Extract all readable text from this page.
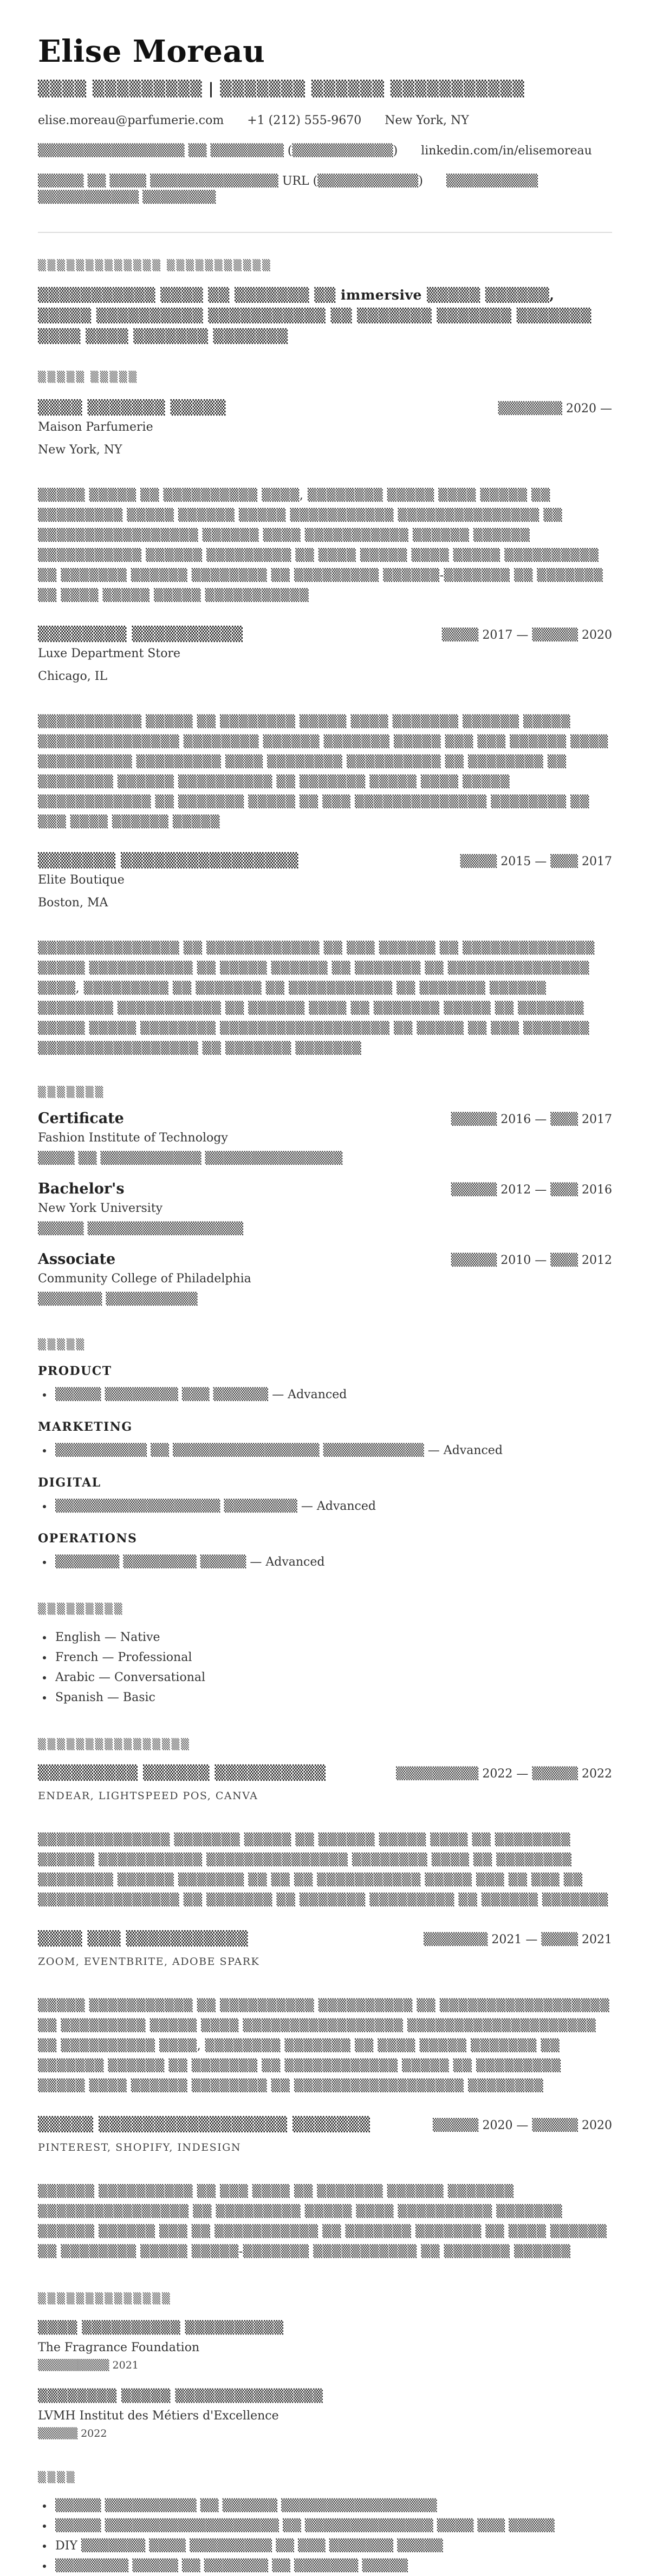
Elise Moreau
▒▒▒▒ ▒▒▒▒▒▒▒▒▒ | ▒▒▒▒▒▒▒ ▒▒▒▒▒▒ ▒▒▒▒▒▒▒▒▒▒▒
elise.moreau@parfumerie.com +1 (212) 555-9670 New York, NY
▒▒▒▒▒▒▒▒▒▒▒▒▒▒▒▒ ▒▒ ▒▒▒▒▒▒▒▒ (▒▒▒▒▒▒▒▒▒▒▒) linkedin.com/in/elisemoreau
▒▒▒▒▒ ▒▒ ▒▒▒▒ ▒▒▒▒▒▒▒▒▒▒▒▒▒▒ URL (▒▒▒▒▒▒▒▒▒▒▒) ▒▒▒▒▒▒▒▒▒▒ ▒▒▒▒▒▒▒▒▒▒▒ ▒▒▒▒▒▒▒▒
▒▒▒▒▒▒▒▒▒▒▒▒▒ ▒▒▒▒▒▒▒▒▒▒▒
▒▒▒▒▒▒▒▒▒▒▒ ▒▒▒▒ ▒▒ ▒▒▒▒▒▒▒ ▒▒ immersive ▒▒▒▒▒ ▒▒▒▒▒▒, ▒▒▒▒▒ ▒▒▒▒▒▒▒▒▒▒ ▒▒▒▒▒▒▒▒▒▒▒ ▒▒ ▒▒▒▒▒▒▒ ▒▒▒▒▒▒▒ ▒▒▒▒▒▒▒ ▒▒▒▒ ▒▒▒▒ ▒▒▒▒▒▒▒ ▒▒▒▒▒▒▒
▒▒▒▒▒ ▒▒▒▒▒
▒▒▒▒ ▒▒▒▒▒▒▒ ▒▒▒▒▒	▒▒▒▒▒▒▒ 2020 —
Maison Parfumerie
New York, NY
▒▒▒▒▒ ▒▒▒▒▒ ▒▒ ▒▒▒▒▒▒▒▒▒▒ ▒▒▒▒, ▒▒▒▒▒▒▒▒ ▒▒▒▒▒ ▒▒▒▒ ▒▒▒▒▒ ▒▒ ▒▒▒▒▒▒▒▒▒ ▒▒▒▒▒ ▒▒▒▒▒▒ ▒▒▒▒▒ ▒▒▒▒▒▒▒▒▒▒▒ ▒▒▒▒▒▒▒▒▒▒▒▒▒▒▒ ▒▒ ▒▒▒▒▒▒▒▒▒▒▒▒▒▒▒▒▒ ▒▒▒▒▒▒ ▒▒▒▒ ▒▒▒▒▒▒▒▒▒▒▒ ▒▒▒▒▒▒ ▒▒▒▒▒▒ ▒▒▒▒▒▒▒▒▒▒▒ ▒▒▒▒▒▒ ▒▒▒▒▒▒▒▒▒ ▒▒ ▒▒▒▒ ▒▒▒▒▒ ▒▒▒▒ ▒▒▒▒▒ ▒▒▒▒▒▒▒▒▒▒ ▒▒ ▒▒▒▒▒▒▒ ▒▒▒▒▒▒ ▒▒▒▒▒▒▒▒ ▒▒ ▒▒▒▒▒▒▒▒▒ ▒▒▒▒▒▒-▒▒▒▒▒▒▒ ▒▒ ▒▒▒▒▒▒▒ ▒▒ ▒▒▒▒ ▒▒▒▒▒ ▒▒▒▒▒ ▒▒▒▒▒▒▒▒▒▒▒
▒▒▒▒▒▒▒▒ ▒▒▒▒▒▒▒▒▒▒	▒▒▒▒ 2017 — ▒▒▒▒▒ 2020
Luxe Department Store
Chicago, IL
▒▒▒▒▒▒▒▒▒▒▒ ▒▒▒▒▒ ▒▒ ▒▒▒▒▒▒▒▒ ▒▒▒▒▒ ▒▒▒▒ ▒▒▒▒▒▒▒ ▒▒▒▒▒▒ ▒▒▒▒▒ ▒▒▒▒▒▒▒▒▒▒▒▒▒▒▒ ▒▒▒▒▒▒▒▒ ▒▒▒▒▒▒ ▒▒▒▒▒▒▒ ▒▒▒▒▒ ▒▒▒ ▒▒▒ ▒▒▒▒▒▒ ▒▒▒▒ ▒▒▒▒▒▒▒▒▒▒ ▒▒▒▒▒▒▒▒▒ ▒▒▒▒ ▒▒▒▒▒▒▒▒ ▒▒▒▒▒▒▒▒▒▒ ▒▒ ▒▒▒▒▒▒▒▒ ▒▒ ▒▒▒▒▒▒▒▒ ▒▒▒▒▒▒ ▒▒▒▒▒▒▒▒▒▒ ▒▒ ▒▒▒▒▒▒▒ ▒▒▒▒▒ ▒▒▒▒ ▒▒▒▒▒ ▒▒▒▒▒▒▒▒▒▒▒▒ ▒▒ ▒▒▒▒▒▒▒ ▒▒▒▒▒ ▒▒ ▒▒▒ ▒▒▒▒▒▒▒▒▒▒▒▒▒▒ ▒▒▒▒▒▒▒▒ ▒▒ ▒▒▒ ▒▒▒▒ ▒▒▒▒▒▒ ▒▒▒▒▒
▒▒▒▒▒▒▒ ▒▒▒▒▒▒▒▒▒▒▒▒▒▒▒▒	▒▒▒▒ 2015 — ▒▒▒ 2017
Elite Boutique
Boston, MA
▒▒▒▒▒▒▒▒▒▒▒▒▒▒▒ ▒▒ ▒▒▒▒▒▒▒▒▒▒▒▒ ▒▒ ▒▒▒ ▒▒▒▒▒▒ ▒▒ ▒▒▒▒▒▒▒▒▒▒▒▒▒▒ ▒▒▒▒▒ ▒▒▒▒▒▒▒▒▒▒▒ ▒▒ ▒▒▒▒▒ ▒▒▒▒▒▒ ▒▒ ▒▒▒▒▒▒▒ ▒▒ ▒▒▒▒▒▒▒▒▒▒▒▒▒▒▒ ▒▒▒▒, ▒▒▒▒▒▒▒▒▒ ▒▒ ▒▒▒▒▒▒▒ ▒▒ ▒▒▒▒▒▒▒▒▒▒▒ ▒▒ ▒▒▒▒▒▒▒ ▒▒▒▒▒▒ ▒▒▒▒▒▒▒▒ ▒▒▒▒▒▒▒▒▒▒▒ ▒▒ ▒▒▒▒▒▒ ▒▒▒▒ ▒▒ ▒▒▒▒▒▒▒ ▒▒▒▒▒ ▒▒ ▒▒▒▒▒▒▒ ▒▒▒▒▒ ▒▒▒▒▒ ▒▒▒▒▒▒▒▒ ▒▒▒▒▒▒▒▒▒▒▒▒▒▒▒▒▒▒ ▒▒ ▒▒▒▒▒ ▒▒ ▒▒▒ ▒▒▒▒▒▒▒ ▒▒▒▒▒▒▒▒▒▒▒▒▒▒▒▒▒ ▒▒ ▒▒▒▒▒▒▒ ▒▒▒▒▒▒▒
▒▒▒▒▒▒▒
Certificate	▒▒▒▒▒ 2016 — ▒▒▒ 2017
Fashion Institute of Technology
▒▒▒▒ ▒▒ ▒▒▒▒▒▒▒▒▒▒▒ ▒▒▒▒▒▒▒▒▒▒▒▒▒▒▒
Bachelor's	▒▒▒▒▒ 2012 — ▒▒▒ 2016
New York University
▒▒▒▒▒ ▒▒▒▒▒▒▒▒▒▒▒▒▒▒▒▒▒
Associate	▒▒▒▒▒ 2010 — ▒▒▒ 2012
Community College of Philadelphia
▒▒▒▒▒▒▒ ▒▒▒▒▒▒▒▒▒▒
▒▒▒▒▒
PRODUCT
• ▒▒▒▒▒ ▒▒▒▒▒▒▒▒ ▒▒▒ ▒▒▒▒▒▒ — Advanced
MARKETING
• ▒▒▒▒▒▒▒▒▒▒ ▒▒ ▒▒▒▒▒▒▒▒▒▒▒▒▒▒▒▒ ▒▒▒▒▒▒▒▒▒▒▒ — Advanced
DIGITAL
• ▒▒▒▒▒▒▒▒▒▒▒▒▒▒▒▒▒▒ ▒▒▒▒▒▒▒▒ — Advanced
OPERATIONS
• ▒▒▒▒▒▒▒ ▒▒▒▒▒▒▒▒ ▒▒▒▒▒ — Advanced
▒▒▒▒▒▒▒▒▒
• English — Native
• French — Professional
• Arabic — Conversational
• Spanish — Basic
▒▒▒▒▒▒▒▒▒▒▒▒▒▒▒▒
▒▒▒▒▒▒▒▒▒ ▒▒▒▒▒▒ ▒▒▒▒▒▒▒▒▒▒	▒▒▒▒▒▒▒▒▒ 2022 — ▒▒▒▒▒ 2022
ENDEAR, LIGHTSPEED POS, CANVA
▒▒▒▒▒▒▒▒▒▒▒▒▒▒ ▒▒▒▒▒▒▒ ▒▒▒▒▒ ▒▒ ▒▒▒▒▒▒ ▒▒▒▒▒ ▒▒▒▒ ▒▒ ▒▒▒▒▒▒▒▒ ▒▒▒▒▒▒ ▒▒▒▒▒▒▒▒▒▒▒ ▒▒▒▒▒▒▒▒▒▒▒▒▒▒▒ ▒▒▒▒▒▒▒▒ ▒▒▒▒ ▒▒ ▒▒▒▒▒▒▒▒ ▒▒▒▒▒▒▒▒ ▒▒▒▒▒▒ ▒▒▒▒▒▒▒ ▒▒ ▒▒ ▒▒ ▒▒▒▒▒▒▒▒▒▒▒ ▒▒▒▒▒ ▒▒▒ ▒▒ ▒▒▒ ▒▒ ▒▒▒▒▒▒▒▒▒▒▒▒▒▒▒ ▒▒ ▒▒▒▒▒▒▒ ▒▒ ▒▒▒▒▒▒▒ ▒▒▒▒▒▒▒▒▒ ▒▒ ▒▒▒▒▒▒ ▒▒▒▒▒▒▒
▒▒▒▒ ▒▒▒ ▒▒▒▒▒▒▒▒▒▒▒	▒▒▒▒▒▒▒ 2021 — ▒▒▒▒ 2021
ZOOM, EVENTBRITE, ADOBE SPARK
▒▒▒▒▒ ▒▒▒▒▒▒▒▒▒▒▒ ▒▒ ▒▒▒▒▒▒▒▒▒▒ ▒▒▒▒▒▒▒▒▒▒ ▒▒ ▒▒▒▒▒▒▒▒▒▒▒▒▒▒▒▒▒▒ ▒▒ ▒▒▒▒▒▒▒▒▒ ▒▒▒▒▒ ▒▒▒▒ ▒▒▒▒▒▒▒▒▒▒▒▒▒▒▒▒▒ ▒▒▒▒▒▒▒▒▒▒▒▒▒▒▒▒▒▒▒▒ ▒▒ ▒▒▒▒▒▒▒▒▒▒ ▒▒▒▒, ▒▒▒▒▒▒▒▒ ▒▒▒▒▒▒▒ ▒▒ ▒▒▒▒ ▒▒▒▒▒ ▒▒▒▒▒▒▒ ▒▒ ▒▒▒▒▒▒▒ ▒▒▒▒▒▒ ▒▒ ▒▒▒▒▒▒▒ ▒▒ ▒▒▒▒▒▒▒▒▒▒▒▒ ▒▒▒▒▒ ▒▒ ▒▒▒▒▒▒▒▒▒ ▒▒▒▒▒ ▒▒▒▒ ▒▒▒▒▒▒ ▒▒▒▒▒▒▒▒ ▒▒ ▒▒▒▒▒▒▒▒▒▒▒▒▒▒▒▒▒▒ ▒▒▒▒▒▒▒▒
▒▒▒▒▒ ▒▒▒▒▒▒▒▒▒▒▒▒▒▒▒▒▒ ▒▒▒▒▒▒▒	▒▒▒▒▒ 2020 — ▒▒▒▒▒ 2020
PINTEREST, SHOPIFY, INDESIGN
▒▒▒▒▒▒ ▒▒▒▒▒▒▒▒▒▒ ▒▒ ▒▒▒ ▒▒▒▒ ▒▒ ▒▒▒▒▒▒▒ ▒▒▒▒▒▒ ▒▒▒▒▒▒▒ ▒▒▒▒▒▒▒▒▒▒▒▒▒▒▒▒ ▒▒ ▒▒▒▒▒▒▒▒▒ ▒▒▒▒▒ ▒▒▒▒ ▒▒▒▒▒▒▒▒▒▒ ▒▒▒▒▒▒▒ ▒▒▒▒▒▒ ▒▒▒▒▒▒ ▒▒▒ ▒▒ ▒▒▒▒▒▒▒▒▒▒▒ ▒▒ ▒▒▒▒▒▒▒ ▒▒▒▒▒▒▒ ▒▒ ▒▒▒▒ ▒▒▒▒▒▒ ▒▒ ▒▒▒▒▒▒▒▒ ▒▒▒▒▒ ▒▒▒▒▒-▒▒▒▒▒▒▒ ▒▒▒▒▒▒▒▒▒▒▒ ▒▒ ▒▒▒▒▒▒▒ ▒▒▒▒▒▒
▒▒▒▒▒▒▒▒▒▒▒▒▒▒
▒▒▒▒ ▒▒▒▒▒▒▒▒▒▒ ▒▒▒▒▒▒▒▒▒▒
The Fragrance Foundation
▒▒▒▒▒▒▒▒▒ 2021
▒▒▒▒▒▒▒▒ ▒▒▒▒▒ ▒▒▒▒▒▒▒▒▒▒▒▒▒▒▒
LVMH Institut des Métiers d'Excellence
▒▒▒▒▒ 2022
▒▒▒▒
• ▒▒▒▒▒ ▒▒▒▒▒▒▒▒▒▒ ▒▒ ▒▒▒▒▒▒ ▒▒▒▒▒▒▒▒▒▒▒▒▒▒▒▒▒
• ▒▒▒▒▒ ▒▒▒▒▒▒▒▒▒▒▒▒▒▒▒▒▒▒▒ ▒▒ ▒▒▒▒▒▒▒▒▒▒▒▒▒▒ ▒▒▒▒ ▒▒▒ ▒▒▒▒▒
• DIY ▒▒▒▒▒▒▒ ▒▒▒▒ ▒▒▒▒▒▒▒▒▒ ▒▒ ▒▒▒ ▒▒▒▒▒▒▒ ▒▒▒▒▒
• ▒▒▒▒▒▒▒▒ ▒▒▒▒▒ ▒▒ ▒▒▒▒▒▒▒ ▒▒ ▒▒▒▒▒▒▒ ▒▒▒▒▒
